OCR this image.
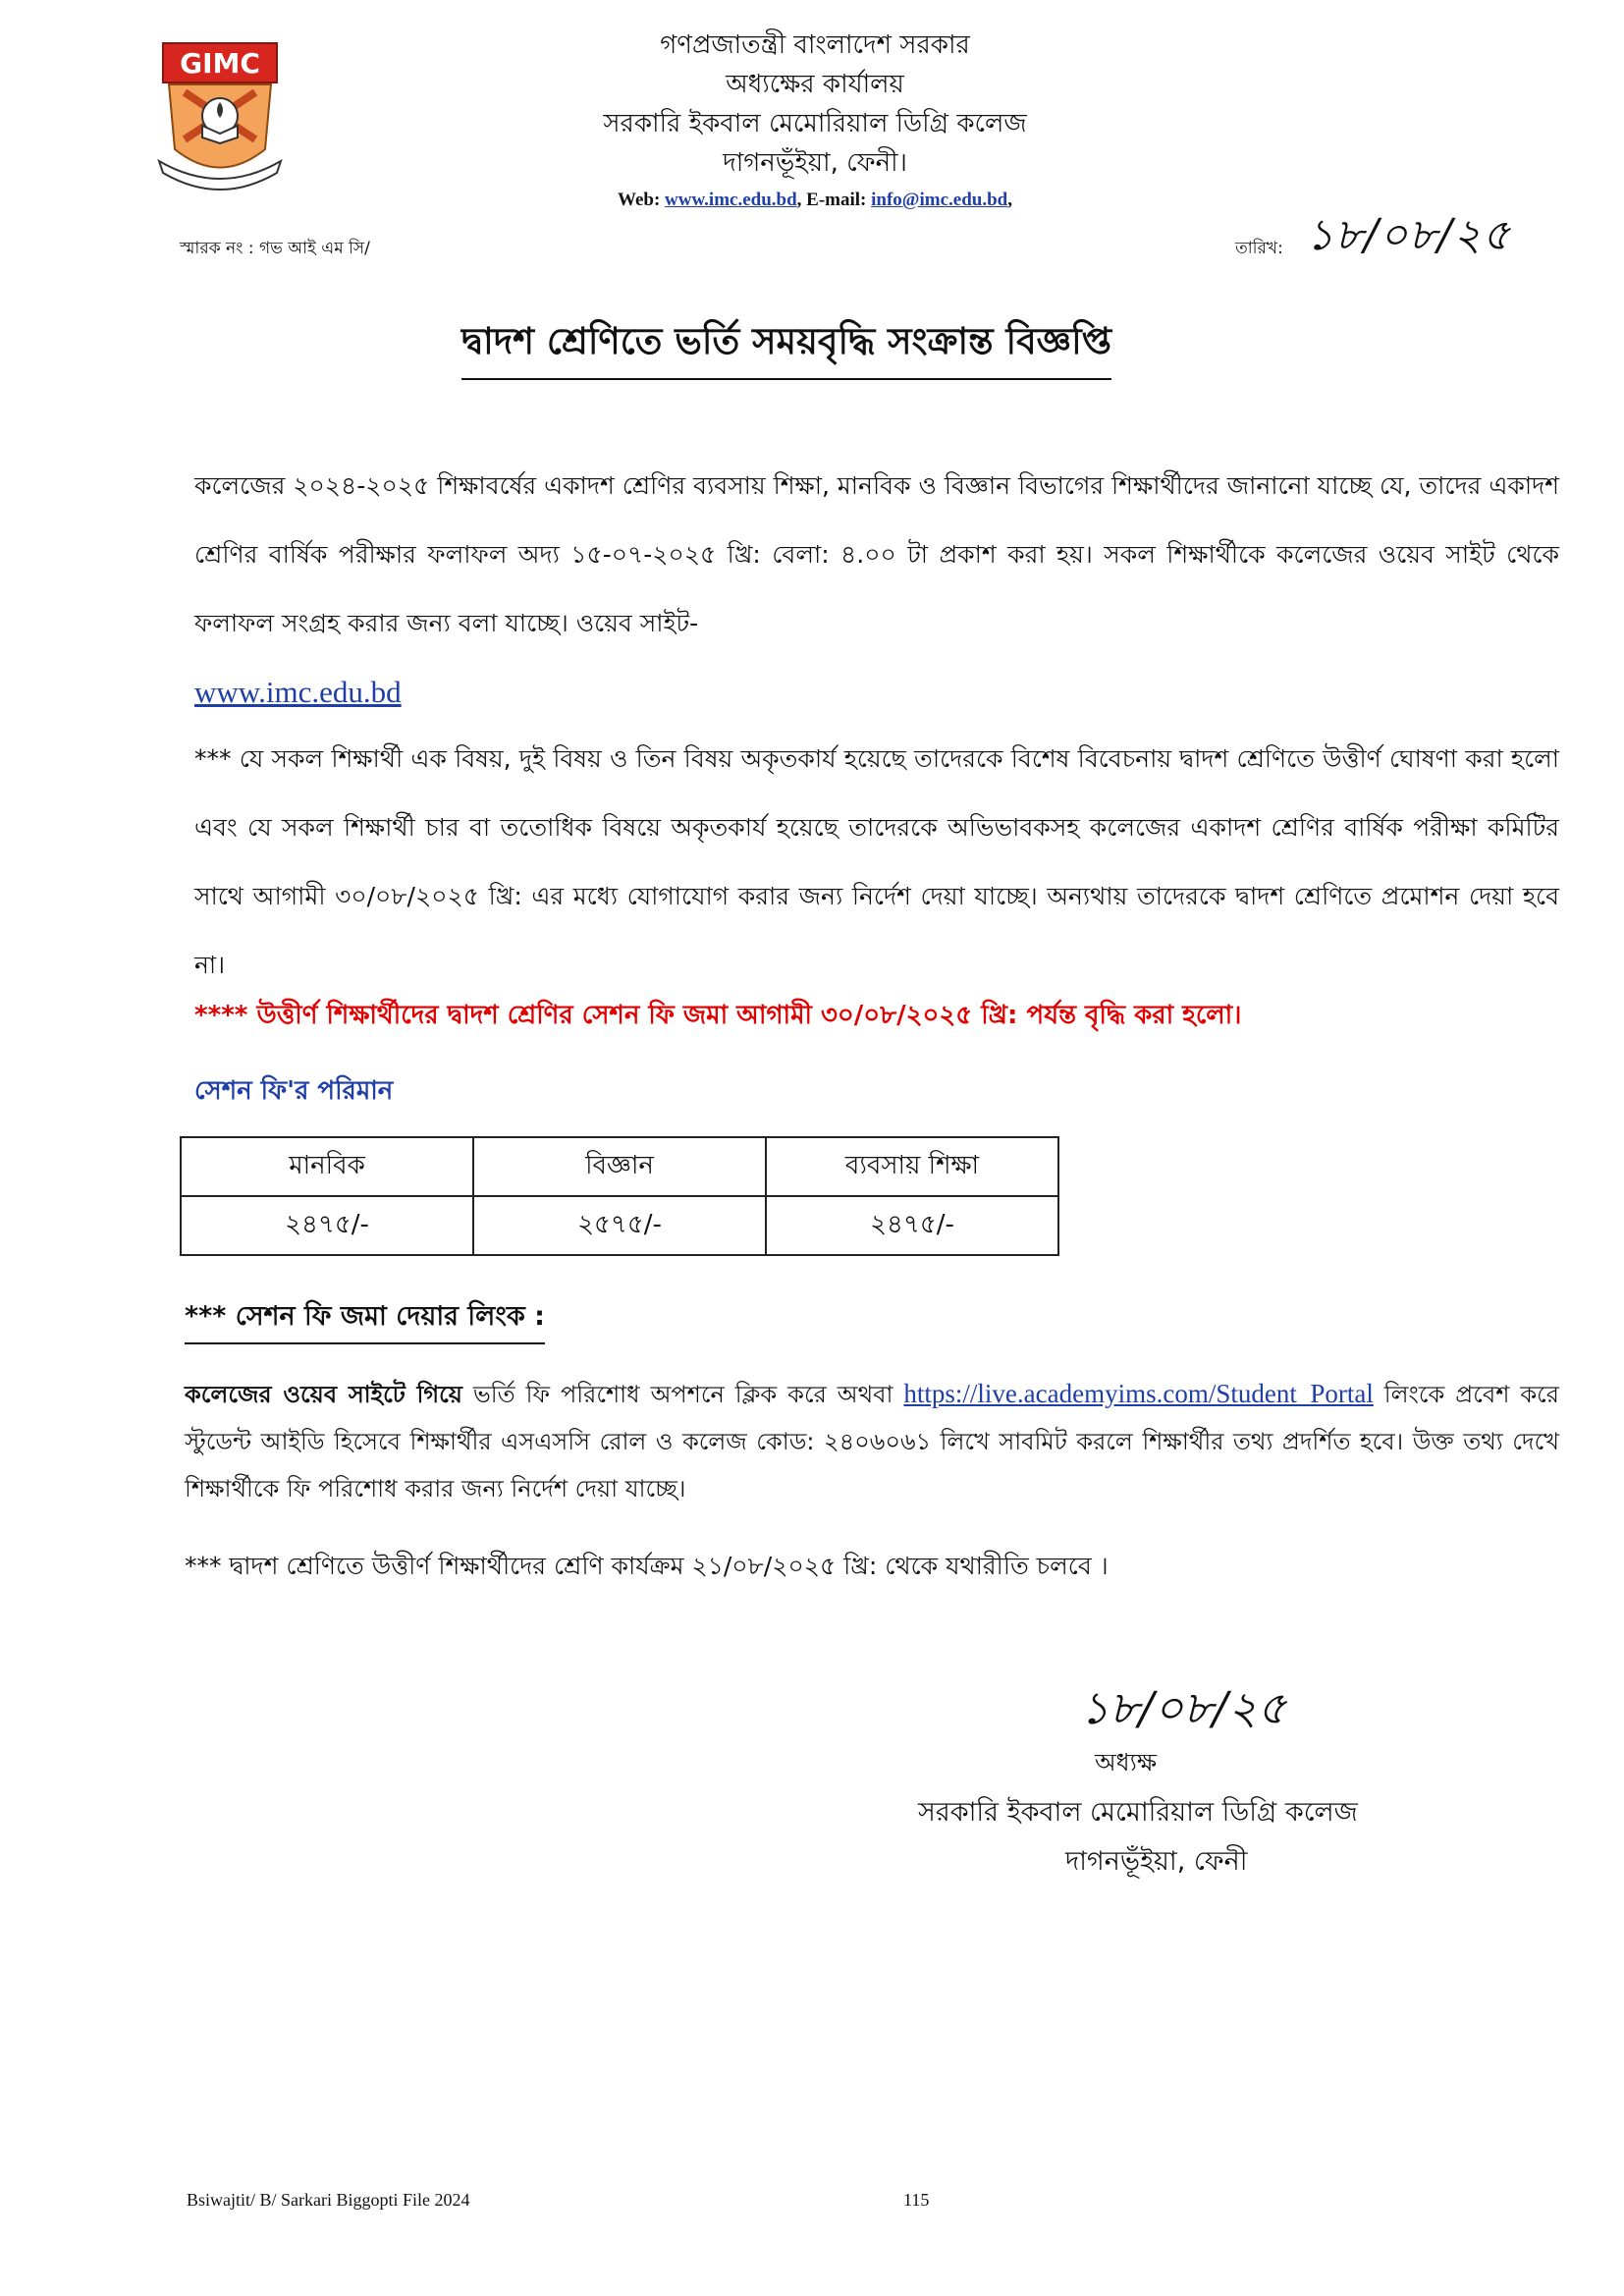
GIMC
গণপ্রজাতন্ত্রী বাংলাদেশ সরকার
অধ্যক্ষের কার্যালয়
সরকারি ইকবাল মেমোরিয়াল ডিগ্রি কলেজ
দাগনভূঁইয়া, ফেনী।
Web: www.imc.edu.bd, E-mail: info@imc.edu.bd,
স্মারক নং : গভ আই এম সি/	তারিখ: ১৮/০৮/২৫
দ্বাদশ শ্রেণিতে ভর্তি সময়বৃদ্ধি সংক্রান্ত বিজ্ঞপ্তি
কলেজের ২০২৪-২০২৫ শিক্ষাবর্ষের একাদশ শ্রেণির ব্যবসায় শিক্ষা, মানবিক ও বিজ্ঞান বিভাগের শিক্ষার্থীদের জানানো যাচ্ছে যে, তাদের একাদশ শ্রেণির বার্ষিক পরীক্ষার ফলাফল অদ্য ১৫-০৭-২০২৫ খ্রি: বেলা: ৪.০০ টা প্রকাশ করা হয়। সকল শিক্ষার্থীকে কলেজের ওয়েব সাইট থেকে ফলাফল সংগ্রহ করার জন্য বলা যাচ্ছে। ওয়েব সাইট-
www.imc.edu.bd
*** যে সকল শিক্ষার্থী এক বিষয়, দুই বিষয় ও তিন বিষয় অকৃতকার্য হয়েছে তাদেরকে বিশেষ বিবেচনায় দ্বাদশ শ্রেণিতে উত্তীর্ণ ঘোষণা করা হলো এবং যে সকল শিক্ষার্থী চার বা ততোধিক বিষয়ে অকৃতকার্য হয়েছে তাদেরকে অভিভাবকসহ কলেজের একাদশ শ্রেণির বার্ষিক পরীক্ষা কমিটির সাথে আগামী ৩০/০৮/২০২৫ খ্রি: এর মধ্যে যোগাযোগ করার জন্য নির্দেশ দেয়া যাচ্ছে। অন্যথায় তাদেরকে দ্বাদশ শ্রেণিতে প্রমোশন দেয়া হবে না।
**** উত্তীর্ণ শিক্ষার্থীদের দ্বাদশ শ্রেণির সেশন ফি জমা আগামী ৩০/০৮/২০২৫ খ্রি: পর্যন্ত বৃদ্ধি করা হলো।
সেশন ফি'র পরিমান
মানবিক	বিজ্ঞান	ব্যবসায় শিক্ষা
২৪৭৫/-	২৫৭৫/-	২৪৭৫/-
*** সেশন ফি জমা দেয়ার লিংক :
কলেজের ওয়েব সাইটে গিয়ে ভর্তি ফি পরিশোধ অপশনে ক্লিক করে অথবা https://live.academyims.com/Student_Portal লিংকে প্রবেশ করে স্টুডেন্ট আইডি হিসেবে শিক্ষার্থীর এসএসসি রোল ও কলেজ কোড: ২৪০৬০৬১ লিখে সাবমিট করলে শিক্ষার্থীর তথ্য প্রদর্শিত হবে। উক্ত তথ্য দেখে শিক্ষার্থীকে ফি পরিশোধ করার জন্য নির্দেশ দেয়া যাচ্ছে।
*** দ্বাদশ শ্রেণিতে উত্তীর্ণ শিক্ষার্থীদের শ্রেণি কার্যক্রম ২১/০৮/২০২৫ খ্রি: থেকে যথারীতি চলবে ।
১৮/০৮/২৫
অধ্যক্ষ
সরকারি ইকবাল মেমোরিয়াল ডিগ্রি কলেজ
দাগনভূঁইয়া, ফেনী
Bsiwajtit/ B/ Sarkari Biggopti File 2024	115
